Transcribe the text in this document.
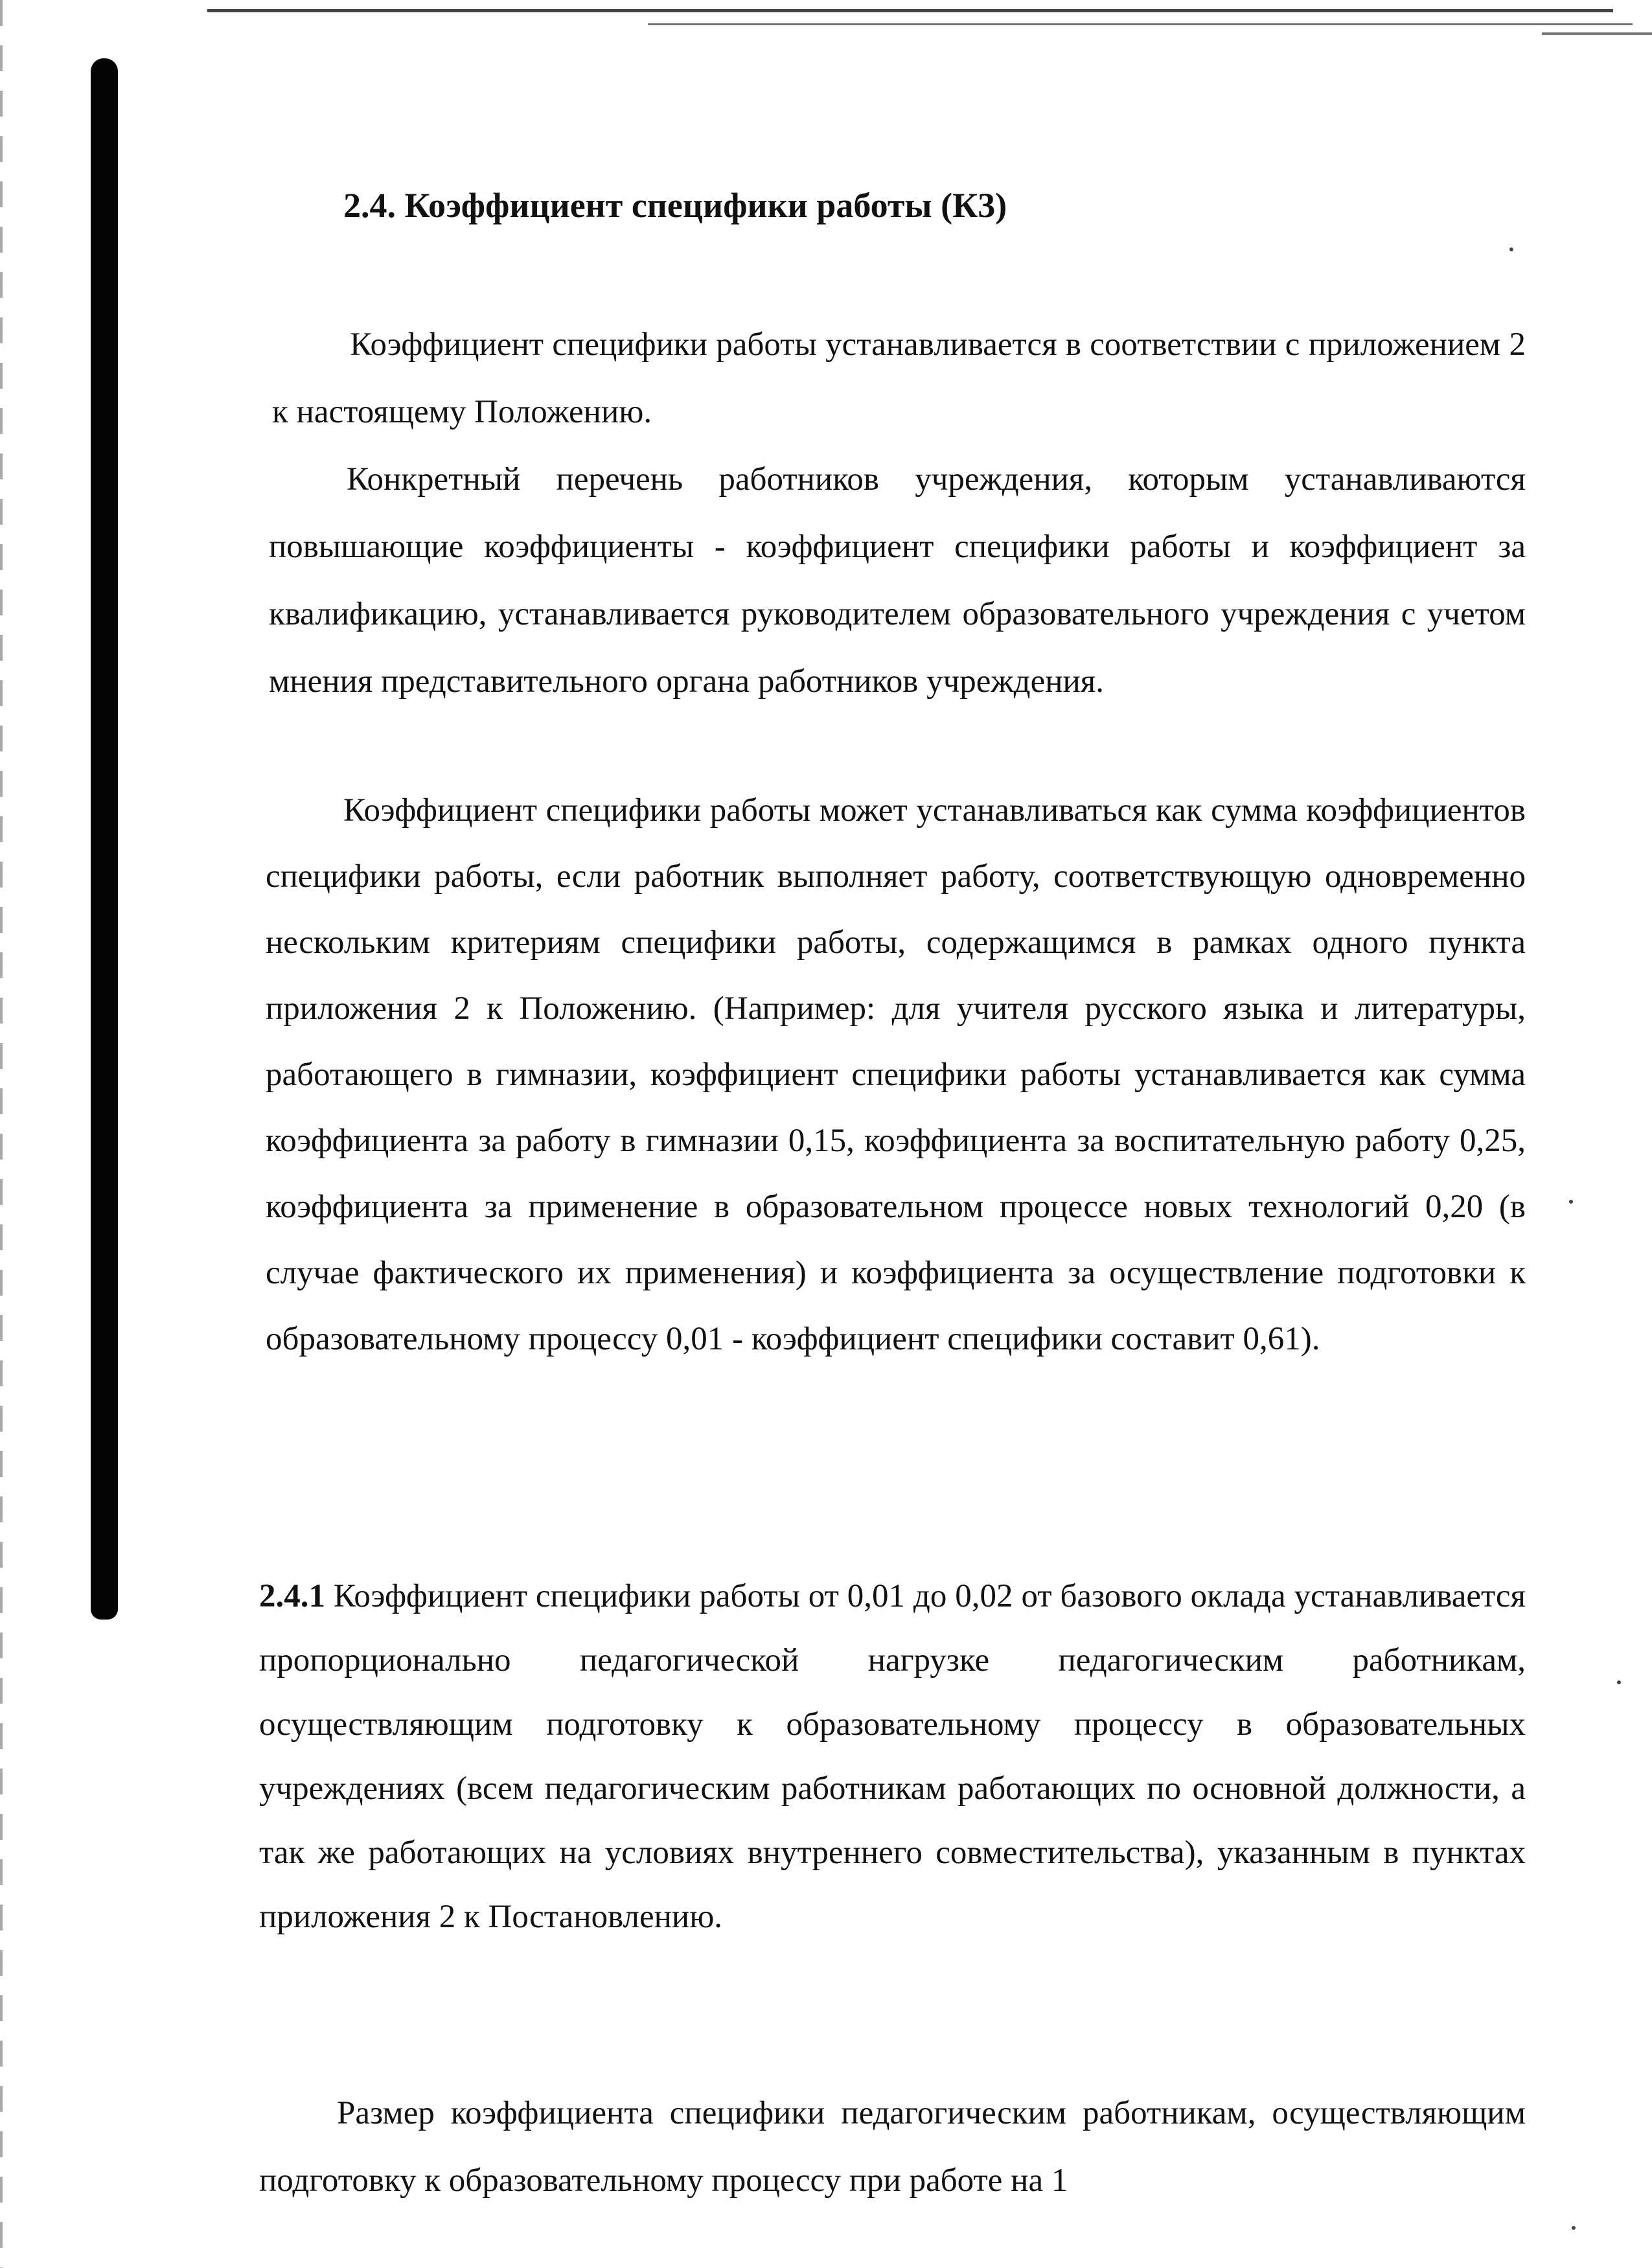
2.4. Коэффициент специфики работы (К3)

Коэффициент специфики работы устанавливается в соответствии с приложением 2 к настоящему Положению.

Конкретный перечень работников учреждения, которым устанавливаются повышающие коэффициенты - коэффициент специфики работы и коэффициент за квалификацию, устанавливается руководителем образовательного учреждения с учетом мнения представительного органа работников учреждения.

Коэффициент специфики работы может устанавливаться как сумма коэффициентов специфики работы, если работник выполняет работу, соответствующую одновременно нескольким критериям специфики работы, содержащимся в рамках одного пункта приложения 2 к Положению. (Например: для учителя русского языка и литературы, работающего в гимназии, коэффициент специфики работы устанавливается как сумма коэффициента за работу в гимназии 0,15, коэффициента за воспитательную работу 0,25, коэффициента за применение в образовательном процессе новых технологий 0,20 (в случае фактического их применения) и коэффициента за осуществление подготовки к образовательному процессу 0,01 - коэффициент специфики составит 0,61).

2.4.1 Коэффициент специфики работы от 0,01 до 0,02 от базового оклада устанавливается пропорционально педагогической нагрузке педагогическим работникам, осуществляющим подготовку к образовательному процессу в образовательных учреждениях (всем педагогическим работникам работающих по основной должности, а так же работающих на условиях внутреннего совместительства), указанным в пунктах приложения 2 к Постановлению.

Размер коэффициента специфики педагогическим работникам, осуществляющим подготовку к образовательному процессу при работе на 1
